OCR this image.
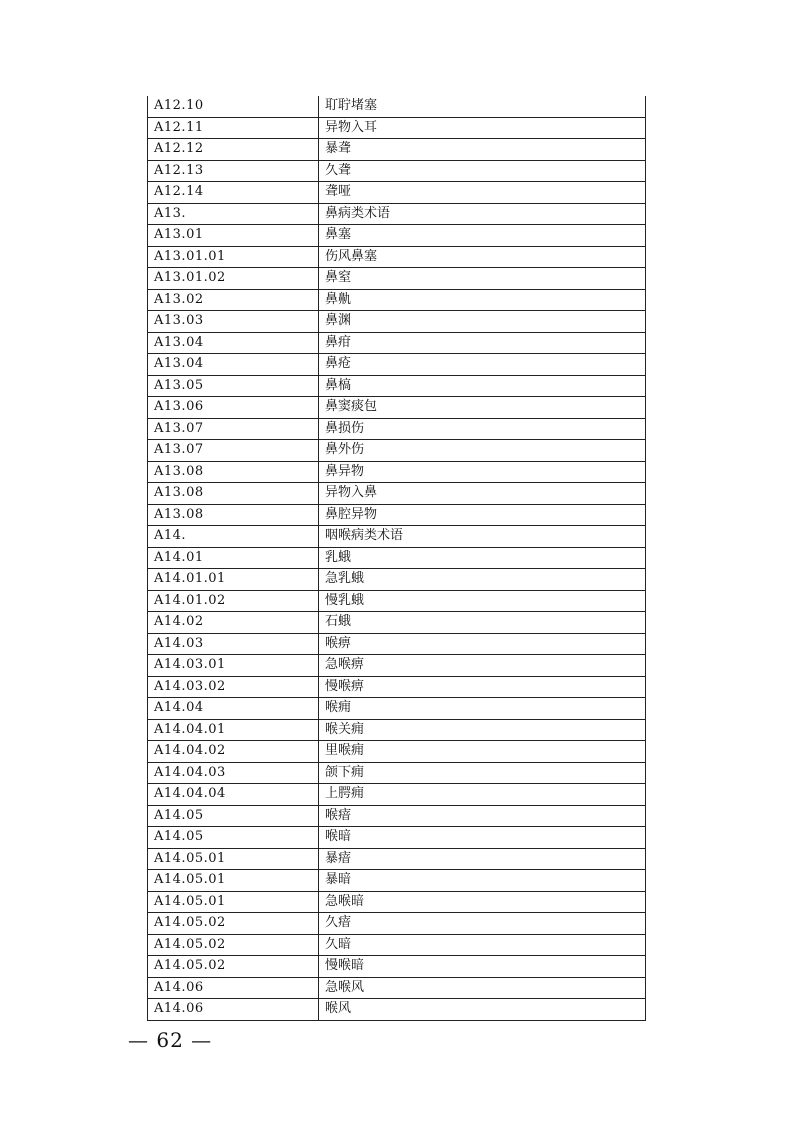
A12.10	耵聍堵塞
A12.11	异物入耳
A12.12	暴聋
A12.13	久聋
A12.14	聋哑
A13.	鼻病类术语
A13.01	鼻塞
A13.01.01	伤风鼻塞
A13.01.02	鼻窒
A13.02	鼻鼽
A13.03	鼻渊
A13.04	鼻疳
A13.04	鼻疮
A13.05	鼻槁
A13.06	鼻窦痰包
A13.07	鼻损伤
A13.07	鼻外伤
A13.08	鼻异物
A13.08	异物入鼻
A13.08	鼻腔异物
A14.	咽喉病类术语
A14.01	乳蛾
A14.01.01	急乳蛾
A14.01.02	慢乳蛾
A14.02	石蛾
A14.03	喉痹
A14.03.01	急喉痹
A14.03.02	慢喉痹
A14.04	喉痈
A14.04.01	喉关痈
A14.04.02	里喉痈
A14.04.03	颌下痈
A14.04.04	上腭痈
A14.05	喉瘖
A14.05	喉暗
A14.05.01	暴瘖
A14.05.01	暴暗
A14.05.01	急喉暗
A14.05.02	久瘖
A14.05.02	久暗
A14.05.02	慢喉暗
A14.06	急喉风
A14.06	喉风
— 62 —
